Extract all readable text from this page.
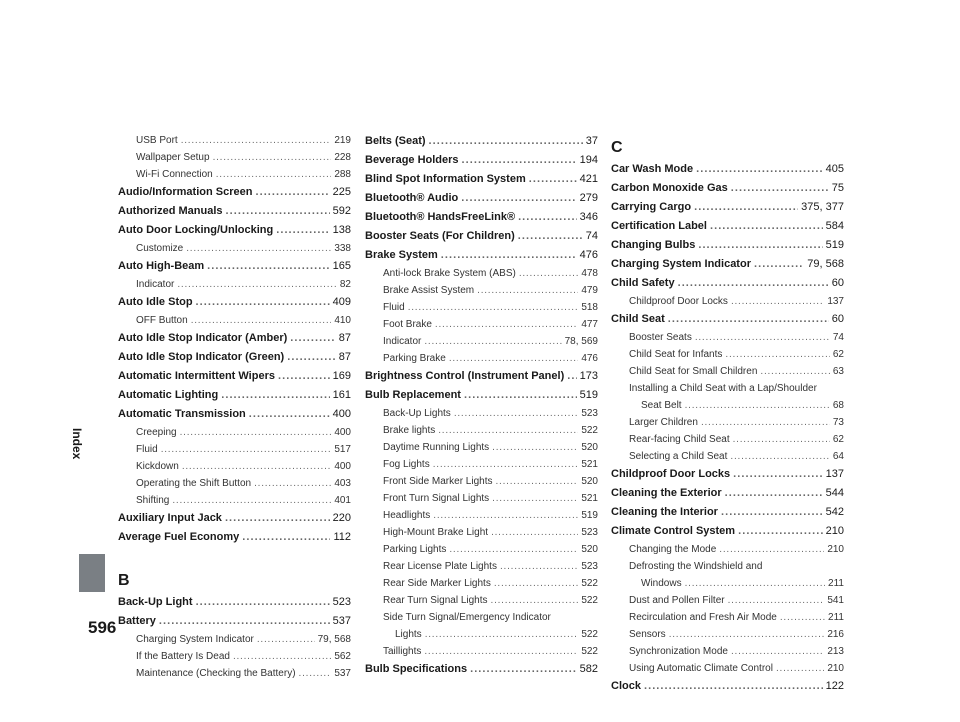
Index
596
USB Port . . .	219
Wallpaper Setup . . .	228
Wi-Fi Connection . . .	288
Audio/Information Screen . . .	225
Authorized Manuals . . .	592
Auto Door Locking/Unlocking . . .	138
Customize . . .	338
Auto High-Beam . . .	165
Indicator . . .	82
Auto Idle Stop . . .	409
OFF Button . . .	410
Auto Idle Stop Indicator (Amber) . . .	87
Auto Idle Stop Indicator (Green) . . .	87
Automatic Intermittent Wipers . . .	169
Automatic Lighting . . .	161
Automatic Transmission . . .	400
Creeping . . .	400
Fluid . . .	517
Kickdown . . .	400
Operating the Shift Button . . .	403
Shifting . . .	401
Auxiliary Input Jack . . .	220
Average Fuel Economy . . .	112
B
Back-Up Light . . .	523
Battery . . .	537
Charging System Indicator . . .	79, 568
If the Battery Is Dead . . .	562
Maintenance (Checking the Battery) . . .	537
Belts (Seat) . . .	37
Beverage Holders . . .	194
Blind Spot Information System . . .	421
Bluetooth® Audio . . .	279
Bluetooth® HandsFreeLink® . . .	346
Booster Seats (For Children) . . .	74
Brake System . . .	476
Anti-lock Brake System (ABS) . . .	478
Brake Assist System . . .	479
Fluid . . .	518
Foot Brake . . .	477
Indicator . . .	78, 569
Parking Brake . . .	476
Brightness Control (Instrument Panel) . . . 173
Bulb Replacement . . .	519
Back-Up Lights . . .	523
Brake lights . . .	522
Daytime Running Lights . . .	520
Fog Lights . . .	521
Front Side Marker Lights . . .	520
Front Turn Signal Lights . . .	521
Headlights . . .	519
High-Mount Brake Light . . .	523
Parking Lights . . .	520
Rear License Plate Lights . . .	523
Rear Side Marker Lights . . .	522
Rear Turn Signal Lights . . .	522
Side Turn Signal/Emergency Indicator
Lights . . .	522
Taillights . . .	522
Bulb Specifications . . .	582
C
Car Wash Mode . . .	405
Carbon Monoxide Gas . . .	75
Carrying Cargo . . .	375, 377
Certification Label . . .	584
Changing Bulbs . . .	519
Charging System Indicator . . .	79, 568
Child Safety . . .	60
Childproof Door Locks . . .	137
Child Seat . . .	60
Booster Seats . . .	74
Child Seat for Infants . . .	62
Child Seat for Small Children . . .	63
Installing a Child Seat with a Lap/Shoulder
Seat Belt . . .	68
Larger Children . . .	73
Rear-facing Child Seat . . .	62
Selecting a Child Seat . . .	64
Childproof Door Locks . . .	137
Cleaning the Exterior . . .	544
Cleaning the Interior . . .	542
Climate Control System . . .	210
Changing the Mode . . .	210
Defrosting the Windshield and
Windows . . .	211
Dust and Pollen Filter . . .	541
Recirculation and Fresh Air Mode . . .	211
Sensors . . .	216
Synchronization Mode . . .	213
Using Automatic Climate Control . . .	210
Clock . . .	122
